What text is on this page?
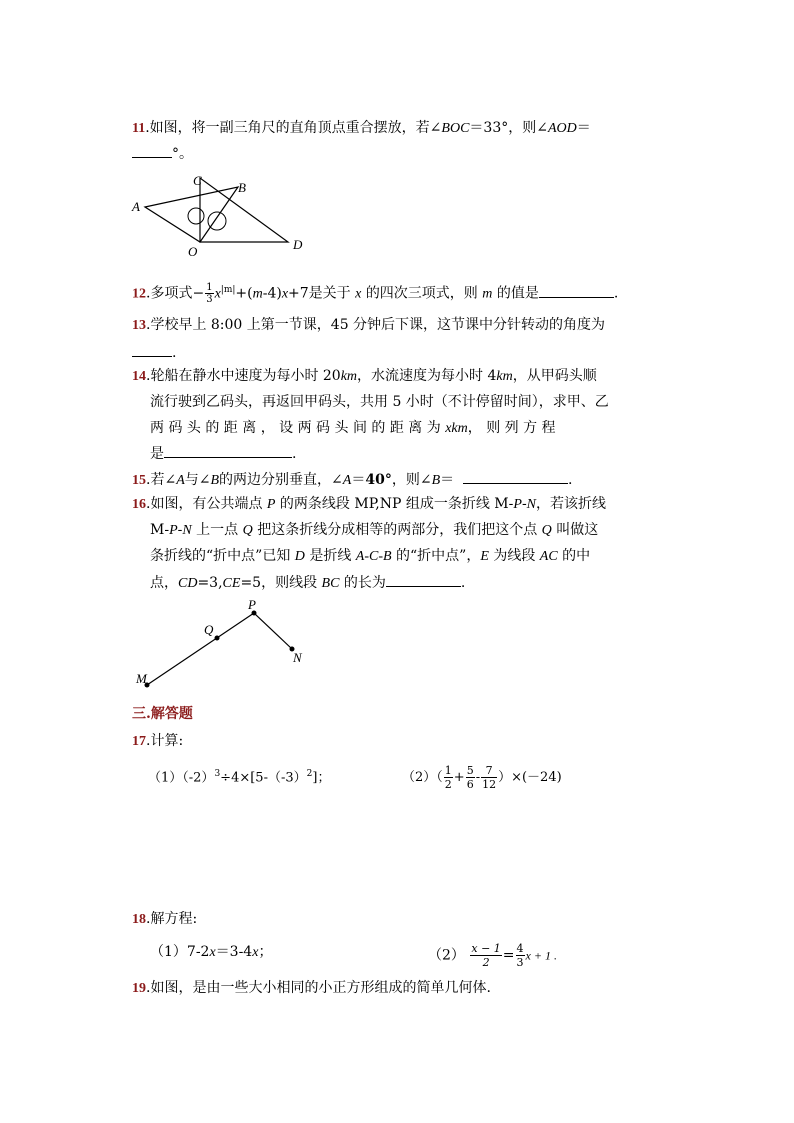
11.如图，将一副三角尺的直角顶点重合摆放，若∠BOC＝33°，则∠AOD＝
°。
A
B
C
D
O
12.多项式− $\frac{1}{3} x^{|m|}+(m-4)x+7$是关于 x 的四次三项式，则 m 的值是	.
13.学校早上 8:00 上第一节课，45 分钟后下课，这节课中分针转动的角度为
.
14.轮船在静水中速度为每小时 20km，水流速度为每小时 4km，从甲码头顺
流行驶到乙码头，再返回甲码头，共用 5 小时（不计停留时间），求甲、乙
两 码 头 的 距 离 ， 设 两 码 头 间 的 距 离 为 xkm， 则 列 方 程
是	.
15.若∠A与∠B的两边分别垂直，∠A＝40°，则∠B＝	.
16.如图，有公共端点 P 的两条线段 MP,NP 组成一条折线 M-P-N，若该折线
M-P-N 上一点 Q 把这条折线分成相等的两部分，我们把这个点 Q 叫做这
条折线的“折中点”已知 D 是折线 A-C-B 的“折中点”，E 为线段 AC 的中
点，CD=3,CE=5，则线段 BC 的长为	.
P
Q
N
M
三.解答题
17.计算:
$(1)(-2)^3\div 4\times[5-(-3)^2]$；	$(2)( \frac{1}{2} + \frac{5}{6} - \frac{7}{12} )\times(-24)$
18.解方程:
（1）7-2x＝3-4x；	$(2) \frac{x - 1}{2} = \frac{4}{3}$ x + 1 .
19.如图，是由一些大小相同的小正方形组成的简单几何体.
